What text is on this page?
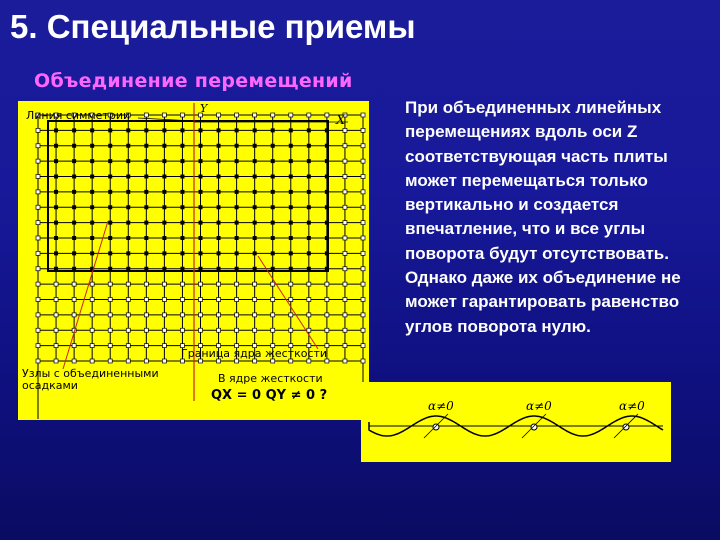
5. Специальные приемы
Объединение перемещений
Линия симметрии
Y
X
Граница ядра жесткости
Узлы с объединенными осадками
В ядре жесткости
QX = 0 QY ≠ 0 ?
При объединенных линейных перемещениях вдоль оси Z соответствующая часть плиты может перемещаться только вертикально и создается впечатление, что и все углы поворота будут отсутствовать. Однако даже их объединение не может гарантировать равенство углов поворота нулю.
α≠0	α≠0	α≠0
